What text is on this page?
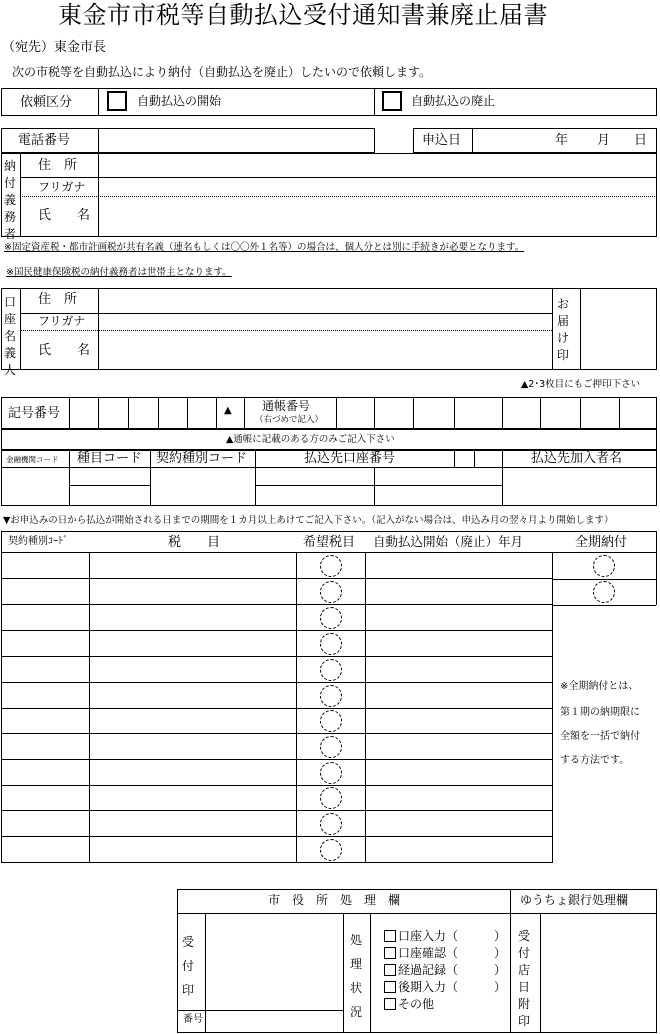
東金市市税等自動払込受付通知書兼廃止届書
（宛先）東金市長
次の市税等を自動払込により納付（自動払込を廃止）したいので依頼します。
依頼区分	自動払込の開始	自動払込の廃止
電話番号	申込日	年 月 日
納付義務者
住　所
フリガナ
氏　　名
※固定資産税・都市計画税が共有名義（連名もしくは〇〇外１名等）の場合は、個人分とは別に手続きが必要となります。
※国民健康保険税の納付義務者は世帯主となります。
口座名義人
住　所
フリガナ
氏　　名
お届け印
▲2･3枚目にもご押印下さい
記号番号	▲	通帳番号
（右づめで記入）
▲通帳に記載のある方のみご記入下さい
金融機関コード 種目コード 契約種別コード	払込先口座番号	払込先加入者名
▼お申込みの日から払込が開始される日までの期間を１カ月以上あけてご記入下さい。（記入がない場合は、申込み月の翌々月より開始します）
契約種別ｺｰﾄﾞ	税　　目	希望税目 自動払込開始（廃止）年月	全期納付
※全期納付とは、
第１期の納期限に
全額を一括で納付
する方法です。
市　役　所　処　理　欄	ゆうちょ銀行処理欄
受付印
番号
処理状況
受付店日附印
口座入力（　　　）
口座確認（　　　）
経過記録（　　　）
後期入力（　　　）
その他
